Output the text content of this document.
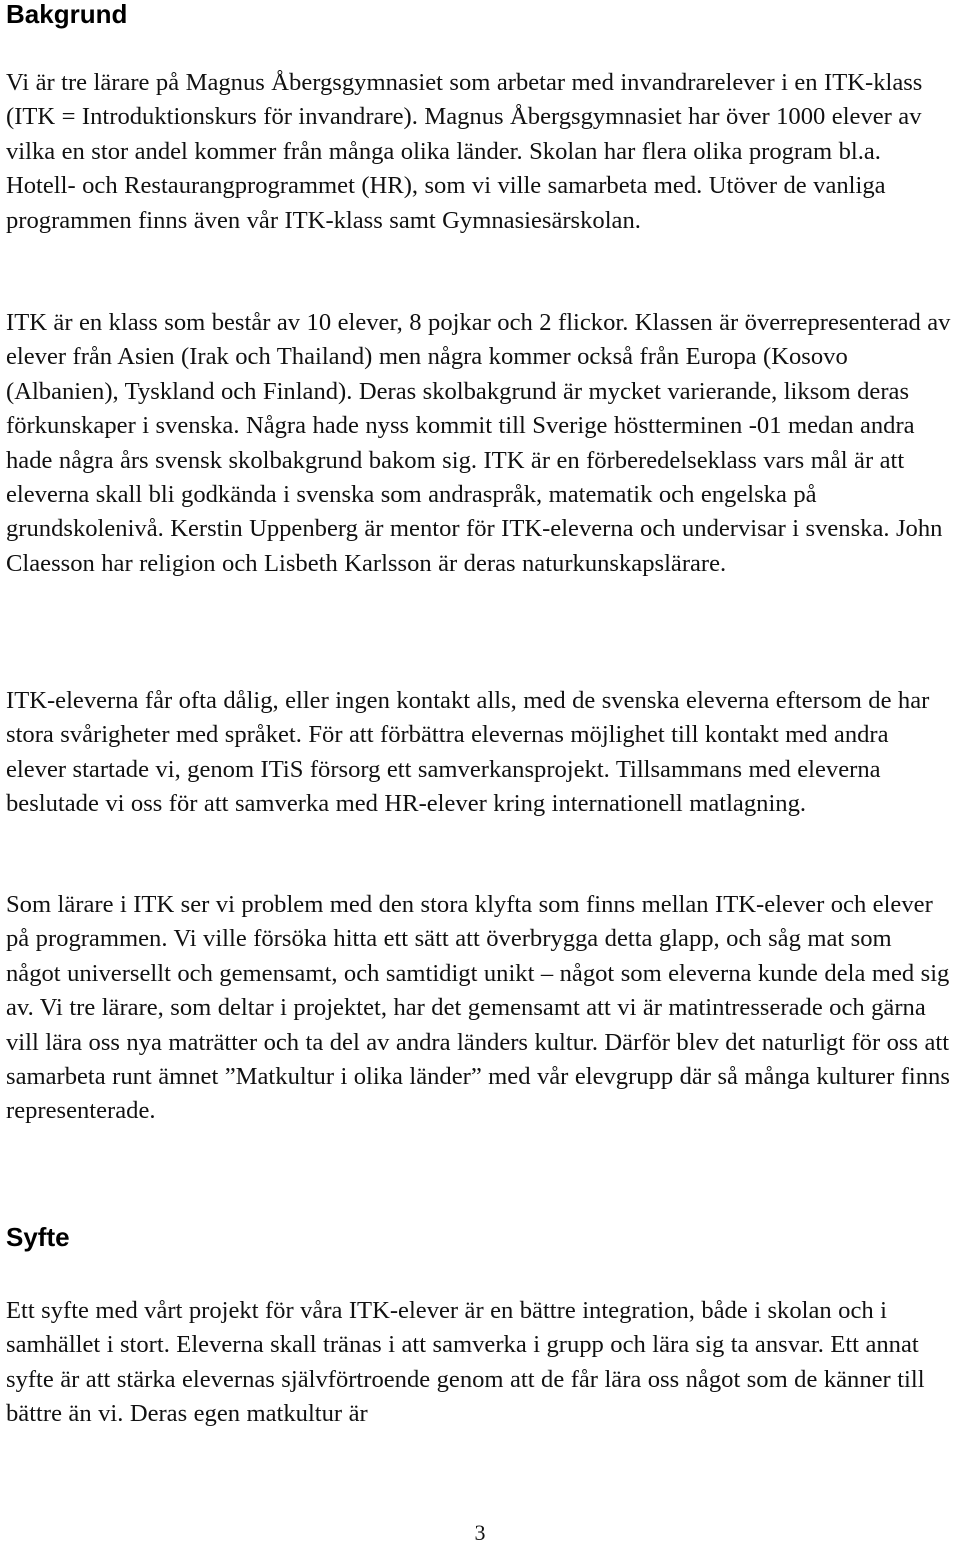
Bakgrund

Vi är tre lärare på Magnus Åbergsgymnasiet som arbetar med invandrarelever i en ITK-klass (ITK = Introduktionskurs för invandrare). Magnus Åbergsgymnasiet har över 1000 elever av vilka en stor andel kommer från många olika länder. Skolan har flera olika program bl.a. Hotell- och Restaurangprogrammet (HR), som vi ville samarbeta med. Utöver de vanliga programmen finns även vår ITK-klass samt Gymnasiesärskolan.

ITK är en klass som består av 10 elever, 8 pojkar och 2 flickor. Klassen är överrepresenterad av elever från Asien (Irak och Thailand) men några kommer också från Europa (Kosovo (Albanien), Tyskland och Finland). Deras skolbakgrund är mycket varierande, liksom deras förkunskaper i svenska. Några hade nyss kommit till Sverige höstterminen -01 medan andra hade några års svensk skolbakgrund bakom sig. ITK är en förberedelseklass vars mål är att eleverna skall bli godkända i svenska som andraspråk, matematik och engelska på grundskolenivå. Kerstin Uppenberg är mentor för ITK-eleverna och undervisar i svenska. John Claesson har religion och Lisbeth Karlsson är deras naturkunskapslärare.

ITK-eleverna får ofta dålig, eller ingen kontakt alls, med de svenska eleverna eftersom de har stora svårigheter med språket. För att förbättra elevernas möjlighet till kontakt med andra elever startade vi, genom ITiS försorg ett samverkansprojekt. Tillsammans med eleverna beslutade vi oss för att samverka med HR-elever kring internationell matlagning.

Som lärare i ITK ser vi problem med den stora klyfta som finns mellan ITK-elever och elever på programmen. Vi ville försöka hitta ett sätt att överbrygga detta glapp, och såg mat som något universellt och gemensamt, och samtidigt unikt – något som eleverna kunde dela med sig av. Vi tre lärare, som deltar i projektet, har det gemensamt att vi är matintresserade och gärna vill lära oss nya maträtter och ta del av andra länders kultur. Därför blev det naturligt för oss att samarbeta runt ämnet ”Matkultur i olika länder” med vår elevgrupp där så många kulturer finns representerade.

Syfte

Ett syfte med vårt projekt för våra ITK-elever är en bättre integration, både i skolan och i samhället i stort. Eleverna skall tränas i att samverka i grupp och lära sig ta ansvar. Ett annat syfte är att stärka elevernas självförtroende genom att de får lära oss något som de känner till bättre än vi. Deras egen matkultur är

3
